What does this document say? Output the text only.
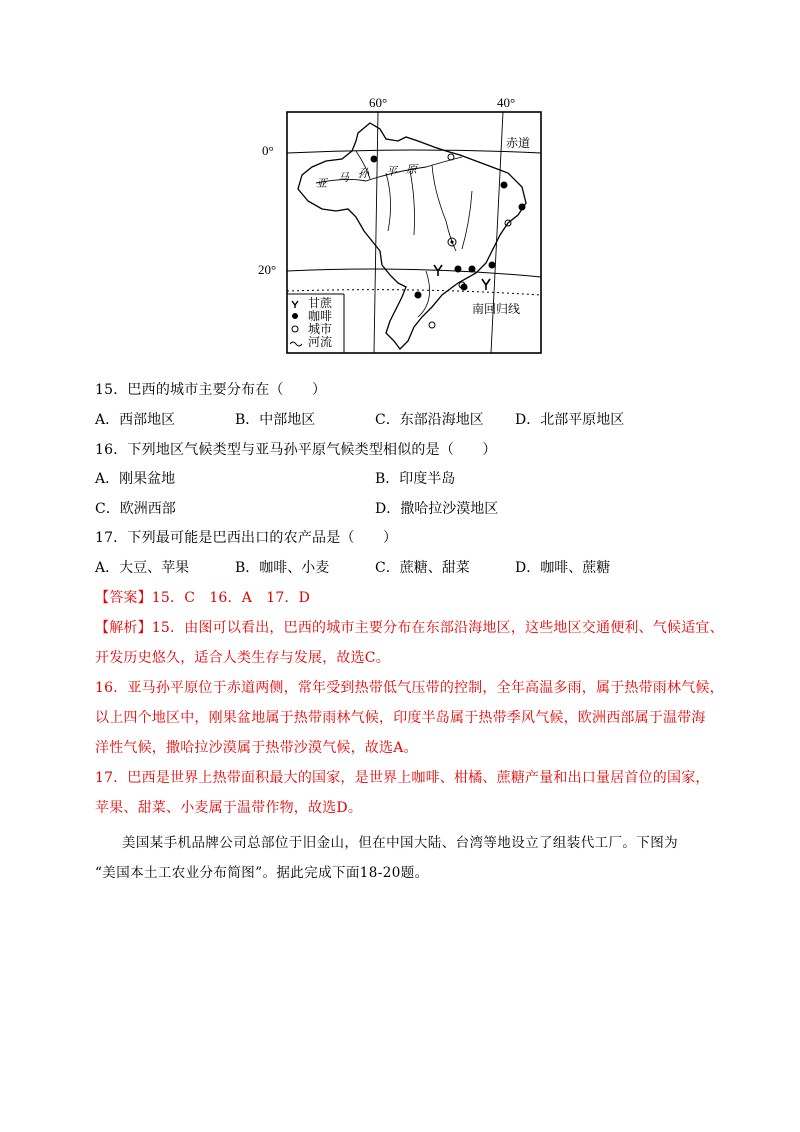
60°	40°
0°
20°
甘蔗
咖啡
城市
河流
赤道
南回归线
亚 马 孙 平 原
15．巴西的城市主要分布在（　　）
A．西部地区	B．中部地区	C．东部沿海地区 D．北部平原地区
16．下列地区气候类型与亚马孙平原气候类型相似的是（　　）
A．刚果盆地	B．印度半岛
C．欧洲西部	D．撒哈拉沙漠地区
17．下列最可能是巴西出口的农产品是（　　）
A．大豆、苹果	B．咖啡、小麦	C．蔗糖、甜菜	D．咖啡、蔗糖
【答案】15．C　16．A　17．D
【解析】15．由图可以看出，巴西的城市主要分布在东部沿海地区，这些地区交通便利、气候适宜、
开发历史悠久，适合人类生存与发展，故选C。
16．亚马孙平原位于赤道两侧，常年受到热带低气压带的控制，全年高温多雨，属于热带雨林气候，
以上四个地区中，刚果盆地属于热带雨林气候，印度半岛属于热带季风气候，欧洲西部属于温带海
洋性气候，撒哈拉沙漠属于热带沙漠气候，故选A。
17．巴西是世界上热带面积最大的国家，是世界上咖啡、柑橘、蔗糖产量和出口量居首位的国家，
苹果、甜菜、小麦属于温带作物，故选D。
美国某手机品牌公司总部位于旧金山，但在中国大陆、台湾等地设立了组装代工厂。下图为
“美国本土工农业分布简图”。据此完成下面18-20题。
